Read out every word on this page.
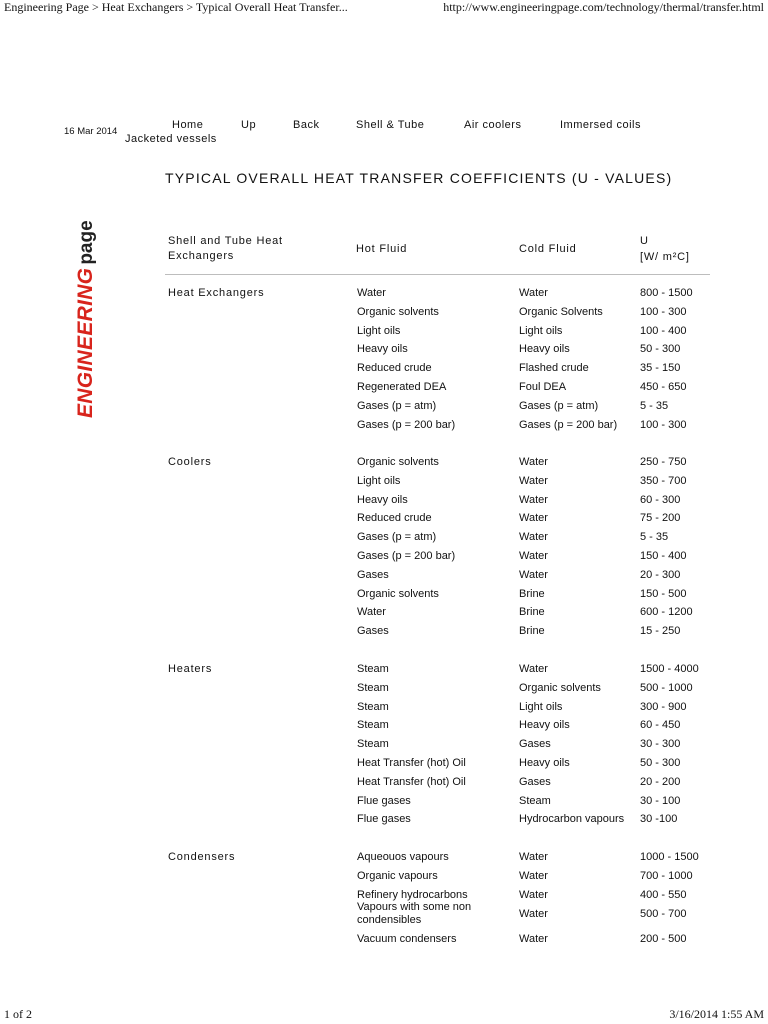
Engineering Page > Heat Exchangers > Typical Overall Heat Transfer...	http://www.engineeringpage.com/technology/thermal/transfer.html
16 Mar 2014
Home	Up	Back	Shell & Tube	Air coolers	Immersed coils
Jacketed vessels
TYPICAL OVERALL HEAT TRANSFER COEFFICIENTS (U - VALUES)
ENGINEERINGpage	Shell and Tube Heat Exchangers
Hot Fluid	Cold Fluid
U
[W/ m²C]
Heat Exchangers	Water	Water	800 - 1500
Organic solvents	Organic Solvents	100 - 300
Light oils	Light oils	100 - 400
Heavy oils	Heavy oils	50 - 300
Reduced crude	Flashed crude	35 - 150
Regenerated DEA	Foul DEA	450 - 650
Gases (p = atm)	Gases (p = atm)	5 - 35
Gases (p = 200 bar)	Gases (p = 200 bar) 100 - 300
Coolers	Organic solvents	Water	250 - 750
Light oils	Water	350 - 700
Heavy oils	Water	60 - 300
Reduced crude	Water	75 - 200
Gases (p = atm)	Water	5 - 35
Gases (p = 200 bar)	Water	150 - 400
Gases	Water	20 - 300
Organic solvents	Brine	150 - 500
Water	Brine	600 - 1200
Gases	Brine	15 - 250
Heaters	Steam	Water	1500 - 4000
Steam	Organic solvents	500 - 1000
Steam	Light oils	300 - 900
Steam	Heavy oils	60 - 450
Steam	Gases	30 - 300
Heat Transfer (hot) Oil	Heavy oils	50 - 300
Heat Transfer (hot) Oil	Gases	20 - 200
Flue gases	Steam	30 - 100
Flue gases	Hydrocarbon vapours 30 -100
Condensers	Aqueouos vapours	Water	1000 - 1500
Organic vapours	Water	700 - 1000
Refinery hydrocarbons	Water	400 - 550
Vapours with some non condensibles	Water	500 - 700
Vacuum condensers	Water	200 - 500
1 of 2	3/16/2014 1:55 AM
